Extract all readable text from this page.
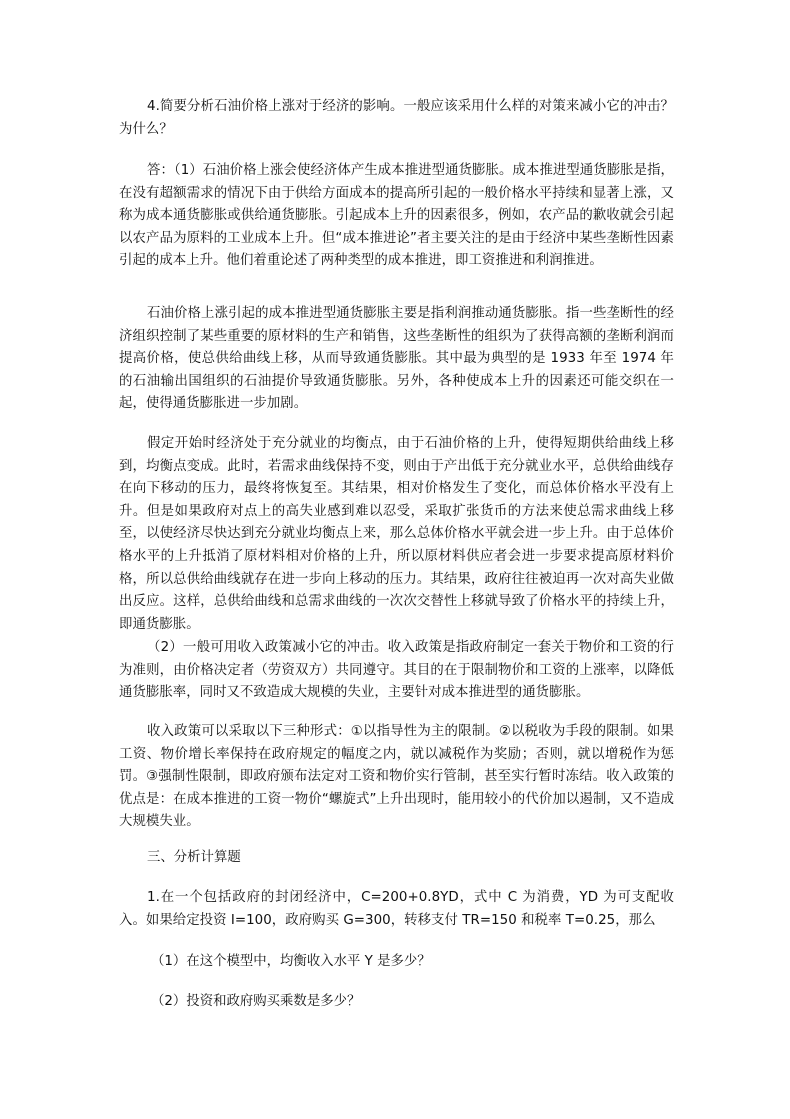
4.简要分析石油价格上涨对于经济的影响。一般应该采用什么样的对策来减小它的冲击？为什么？

答：（1）石油价格上涨会使经济体产生成本推进型通货膨胀。成本推进型通货膨胀是指，在没有超额需求的情况下由于供给方面成本的提高所引起的一般价格水平持续和显著上涨，又称为成本通货膨胀或供给通货膨胀。引起成本上升的因素很多，例如，农产品的歉收就会引起以农产品为原料的工业成本上升。但“成本推进论”者主要关注的是由于经济中某些垄断性因素引起的成本上升。他们着重论述了两种类型的成本推进，即工资推进和利润推进。

石油价格上涨引起的成本推进型通货膨胀主要是指利润推动通货膨胀。指一些垄断性的经济组织控制了某些重要的原材料的生产和销售，这些垄断性的组织为了获得高额的垄断利润而提高价格，使总供给曲线上移，从而导致通货膨胀。其中最为典型的是 1933 年至 1974 年的石油输出国组织的石油提价导致通货膨胀。另外，各种使成本上升的因素还可能交织在一起，使得通货膨胀进一步加剧。

假定开始时经济处于充分就业的均衡点，由于石油价格的上升，使得短期供给曲线上移到，均衡点变成。此时，若需求曲线保持不变，则由于产出低于充分就业水平，总供给曲线存在向下移动的压力，最终将恢复至。其结果，相对价格发生了变化，而总体价格水平没有上升。但是如果政府对点上的高失业感到难以忍受，采取扩张货币的方法来使总需求曲线上移至，以使经济尽快达到充分就业均衡点上来，那么总体价格水平就会进一步上升。由于总体价格水平的上升抵消了原材料相对价格的上升，所以原材料供应者会进一步要求提高原材料价格，所以总供给曲线就存在进一步向上移动的压力。其结果，政府往往被迫再一次对高失业做出反应。这样，总供给曲线和总需求曲线的一次次交替性上移就导致了价格水平的持续上升，即通货膨胀。

（2）一般可用收入政策减小它的冲击。收入政策是指政府制定一套关于物价和工资的行为准则，由价格决定者（劳资双方）共同遵守。其目的在于限制物价和工资的上涨率，以降低通货膨胀率，同时又不致造成大规模的失业，主要针对成本推进型的通货膨胀。

收入政策可以采取以下三种形式：①以指导性为主的限制。②以税收为手段的限制。如果工资、物价增长率保持在政府规定的幅度之内，就以减税作为奖励；否则，就以增税作为惩罚。③强制性限制，即政府颁布法定对工资和物价实行管制，甚至实行暂时冻结。收入政策的优点是：在成本推进的工资一物价“螺旋式”上升出现时，能用较小的代价加以遏制，又不造成大规模失业。

三、分析计算题

1.在一个包括政府的封闭经济中，C=200+0.8YD，式中 C 为消费，YD 为可支配收入。如果给定投资 I=100，政府购买 G=300，转移支付 TR=150 和税率 T=0.25，那么

（1）在这个模型中，均衡收入水平 Y 是多少？

（2）投资和政府购买乘数是多少？
